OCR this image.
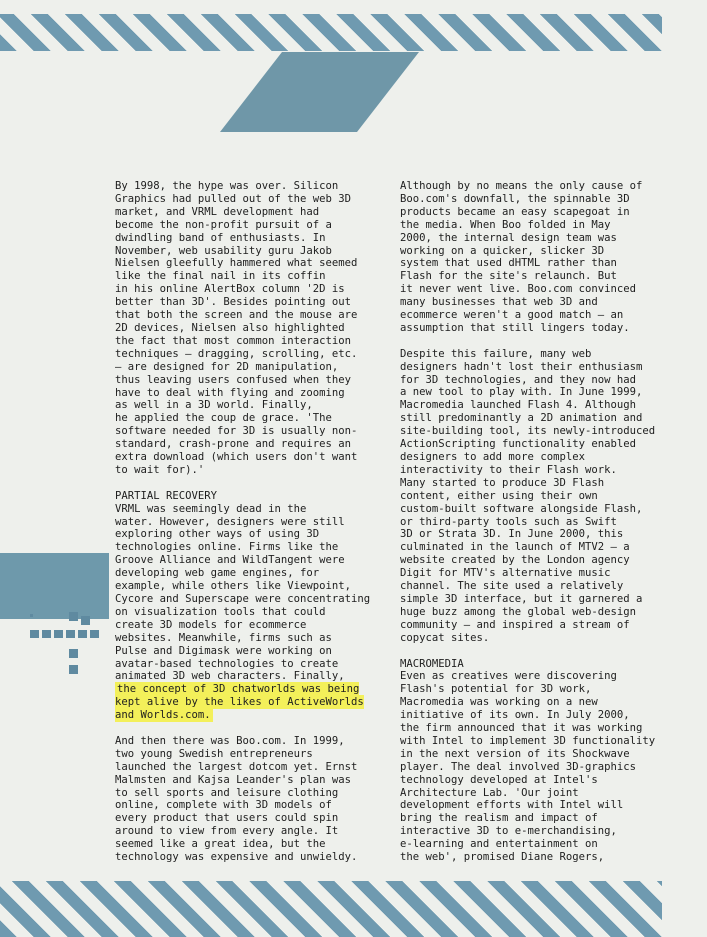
By 1998, the hype was over. Silicon
Graphics had pulled out of the web 3D
market, and VRML development had
become the non-profit pursuit of a
dwindling band of enthusiasts. In
November, web usability guru Jakob
Nielsen gleefully hammered what seemed
like the final nail in its coffin
in his online AlertBox column '2D is
better than 3D'. Besides pointing out
that both the screen and the mouse are
2D devices, Nielsen also highlighted
the fact that most common interaction
techniques – dragging, scrolling, etc.
– are designed for 2D manipulation,
thus leaving users confused when they
have to deal with flying and zooming
as well in a 3D world. Finally,
he applied the coup de grace. 'The
software needed for 3D is usually non-
standard, crash-prone and requires an
extra download (which users don't want
to wait for).'

PARTIAL RECOVERY

VRML was seemingly dead in the
water. However, designers were still
exploring other ways of using 3D
technologies online. Firms like the
Groove Alliance and WildTangent were
developing web game engines, for
example, while others like Viewpoint,
Cycore and Superscape were concentrating
on visualization tools that could
create 3D models for ecommerce
websites. Meanwhile, firms such as
Pulse and Digimask were working on
avatar-based technologies to create
animated 3D web characters. Finally,

the concept of 3D chatworlds was being
kept alive by the likes of ActiveWorlds
and Worlds.com.

And then there was Boo.com. In 1999,
two young Swedish entrepreneurs
launched the largest dotcom yet. Ernst
Malmsten and Kajsa Leander's plan was
to sell sports and leisure clothing
online, complete with 3D models of
every product that users could spin
around to view from every angle. It
seemed like a great idea, but the
technology was expensive and unwieldy.

Although by no means the only cause of
Boo.com's downfall, the spinnable 3D
products became an easy scapegoat in
the media. When Boo folded in May
2000, the internal design team was
working on a quicker, slicker 3D
system that used dHTML rather than
Flash for the site's relaunch. But
it never went live. Boo.com convinced
many businesses that web 3D and
ecommerce weren't a good match – an
assumption that still lingers today.

Despite this failure, many web
designers hadn't lost their enthusiasm
for 3D technologies, and they now had
a new tool to play with. In June 1999,
Macromedia launched Flash 4. Although
still predominantly a 2D animation and
site-building tool, its newly-introduced
ActionScripting functionality enabled
designers to add more complex
interactivity to their Flash work.
Many started to produce 3D Flash
content, either using their own
custom-built software alongside Flash,
or third-party tools such as Swift
3D or Strata 3D. In June 2000, this
culminated in the launch of MTV2 – a
website created by the London agency
Digit for MTV's alternative music
channel. The site used a relatively
simple 3D interface, but it garnered a
huge buzz among the global web-design
community – and inspired a stream of
copycat sites.

MACROMEDIA

Even as creatives were discovering
Flash's potential for 3D work,
Macromedia was working on a new
initiative of its own. In July 2000,
the firm announced that it was working
with Intel to implement 3D functionality
in the next version of its Shockwave
player. The deal involved 3D-graphics
technology developed at Intel's
Architecture Lab. 'Our joint
development efforts with Intel will
bring the realism and impact of
interactive 3D to e-merchandising,
e-learning and entertainment on
the web', promised Diane Rogers,
